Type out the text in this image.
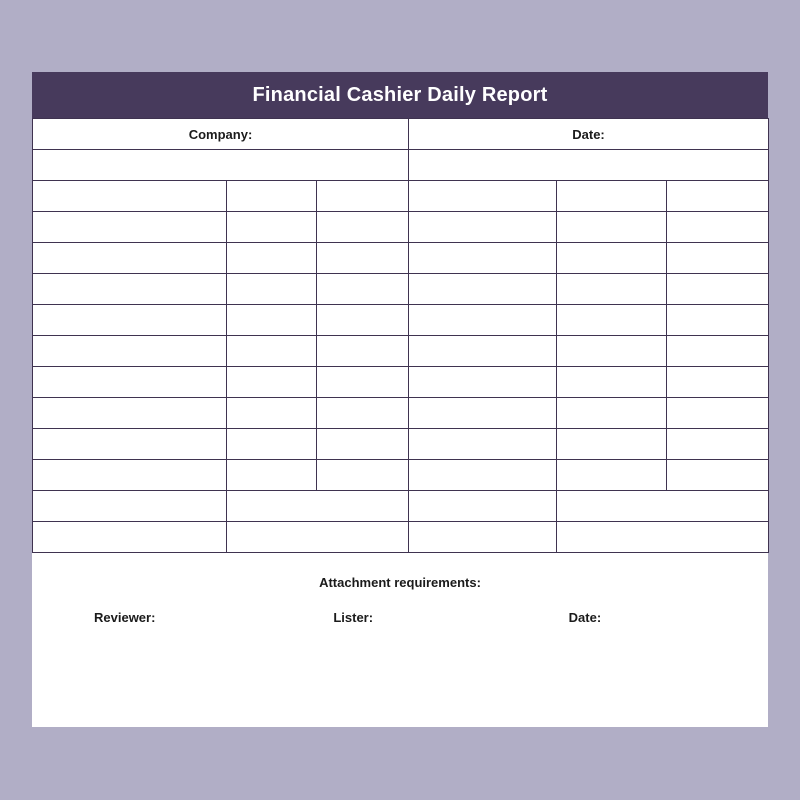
Financial Cashier Daily Report
Company:			Date:		
Cash receipt/receipt receivable details			Expenses breakdown		
Customer/project	Amount	Attachment	Project abstract	Amount	Attachment

Total			Total		
Last day balance	Today's income		Today's expenditure	Today's balance	

Attachment requirements:
Reviewer:	Lister:	Date:
